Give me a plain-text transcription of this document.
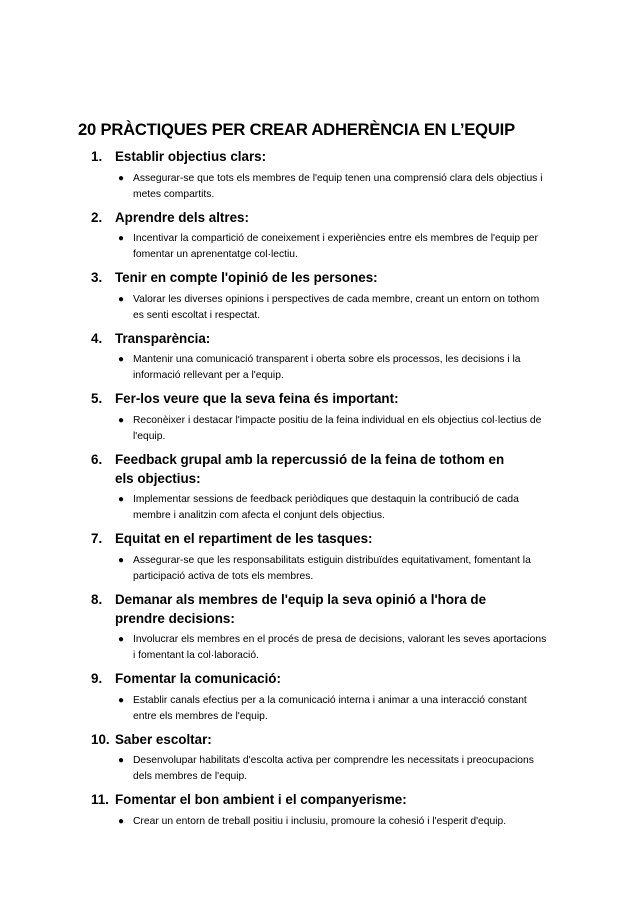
20 PRÀCTIQUES PER CREAR ADHERÈNCIA EN L’EQUIP
1. Establir objectius clars:
● Assegurar-se que tots els membres de l'equip tenen una comprensió clara dels objectius i metes compartits.
2. Aprendre dels altres:
● Incentivar la compartició de coneixement i experiències entre els membres de l'equip per fomentar un aprenentatge col·lectiu.
3. Tenir en compte l'opinió de les persones:
● Valorar les diverses opinions i perspectives de cada membre, creant un entorn on tothom es senti escoltat i respectat.
4. Transparència:
● Mantenir una comunicació transparent i oberta sobre els processos, les decisions i la informació rellevant per a l'equip.
5. Fer-los veure que la seva feina és important:
● Reconèixer i destacar l'impacte positiu de la feina individual en els objectius col·lectius de l'equip.
6. Feedback grupal amb la repercussió de la feina de tothom en els objectius:
● Implementar sessions de feedback periòdiques que destaquin la contribució de cada membre i analitzin com afecta el conjunt dels objectius.
7. Equitat en el repartiment de les tasques:
● Assegurar-se que les responsabilitats estiguin distribuïdes equitativament, fomentant la participació activa de tots els membres.
8. Demanar als membres de l'equip la seva opinió a l'hora de prendre decisions:
● Involucrar els membres en el procés de presa de decisions, valorant les seves aportacions i fomentant la col·laboració.
9. Fomentar la comunicació:
● Establir canals efectius per a la comunicació interna i animar a una interacció constant entre els membres de l'equip.
10. Saber escoltar:
● Desenvolupar habilitats d'escolta activa per comprendre les necessitats i preocupacions dels membres de l'equip.
11. Fomentar el bon ambient i el companyerisme:
● Crear un entorn de treball positiu i inclusiu, promoure la cohesió i l'esperit d'equip.
